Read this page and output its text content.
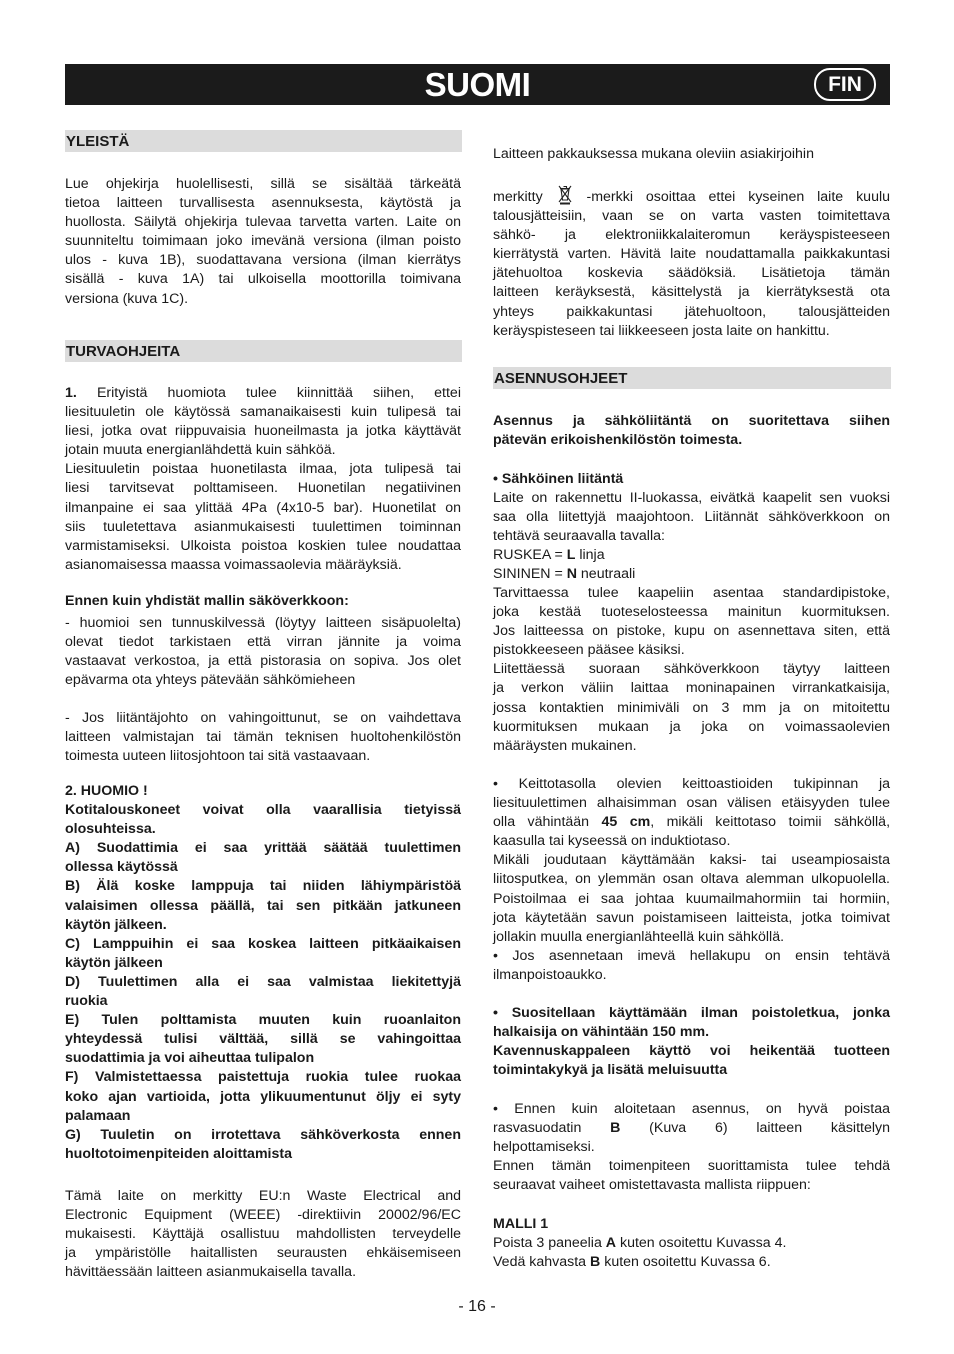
SUOMI	FIN
YLEISTÄ
Lue ohjekirja huolellisesti, sillä se sisältää tärkeätä
tietoa laitteen turvallisesta asennuksesta, käytöstä ja
huollosta. Säilytä ohjekirja tulevaa tarvetta varten. Laite on
suunniteltu toimimaan joko imevänä versiona (ilman poisto
ulos - kuva 1B), suodattavana versiona (ilman kierrätys
sisällä - kuva 1A) tai ulkoisella moottorilla toimivana
versiona (kuva 1C).
TURVAOHJEITA
1. Erityistä huomiota tulee kiinnittää siihen, ettei
liesituuletin ole käytössä samanaikaisesti kuin tulipesä tai
liesi, jotka ovat riippuvaisia huoneilmasta ja jotka käyttävät
jotain muuta energianlähdettä kuin sähköä.
Liesituuletin poistaa huonetilasta ilmaa, jota tulipesä tai
liesi tarvitsevat polttamiseen. Huonetilan negatiivinen
ilmanpaine ei saa ylittää 4Pa (4x10-5 bar). Huonetilat on
siis tuuletettava asianmukaisesti tuulettimen toiminnan
varmistamiseksi. Ulkoista poistoa koskien tulee noudattaa
asianomaisessa maassa voimassaolevia määräyksiä.
Ennen kuin yhdistät mallin säköverkkoon:
- huomioi sen tunnuskilvessä (löytyy laitteen sisäpuolelta)
olevat tiedot tarkistaen että virran jännite ja voima
vastaavat verkostoa, ja että pistorasia on sopiva. Jos olet
epävarma ota yhteys pätevään sähkömieheen
- Jos liitäntäjohto on vahingoittunut, se on vaihdettava
laitteen valmistajan tai tämän teknisen huoltohenkilöstön
toimesta uuteen liitosjohtoon tai sitä vastaavaan.
2. HUOMIO !
Kotitalouskoneet voivat olla vaarallisia tietyissä
olosuhteissa.
A) Suodattimia ei saa yrittää säätää tuulettimen
ollessa käytössä
B) Älä koske lamppuja tai niiden lähiympäristöä
valaisimen ollessa päällä, tai sen pitkään jatkuneen
käytön jälkeen.
C) Lamppuihin ei saa koskea laitteen pitkäaikaisen
käytön jälkeen
D) Tuulettimen alla ei saa valmistaa liekitettyjä
ruokia
E) Tulen polttamista muuten kuin ruoanlaiton
yhteydessä tulisi välttää, sillä se vahingoittaa
suodattimia ja voi aiheuttaa tulipalon
F) Valmistettaessa paistettuja ruokia tulee ruokaa
koko ajan vartioida, jotta ylikuumentunut öljy ei syty
palamaan
G) Tuuletin on irrotettava sähköverkosta ennen
huoltotoimenpiteiden aloittamista
Tämä laite on merkitty EU:n Waste Electrical and
Electronic Equipment (WEEE) -direktiivin 20002/96/EC
mukaisesti. Käyttäjä osallistuu mahdollisten terveydelle
ja ympäristölle haitallisten seurausten ehkäisemiseen
hävittäessään laitteen asianmukaisella tavalla.
Laitteen pakkauksessa mukana oleviin asiakirjoihin
merkitty	-merkki osoittaa ettei kyseinen laite kuulu
talousjätteisiin, vaan se on varta vasten toimitettava
sähkö- ja elektroniikkalaiteromun keräyspisteeseen
kierrätystä varten. Hävitä laite noudattamalla paikkakuntasi
jätehuoltoa koskevia säädöksiä. Lisätietoja tämän
laitteen keräyksestä, käsittelystä ja kierrätyksestä ota
yhteys paikkakuntasi jätehuoltoon, talousjätteiden
keräyspisteseen tai liikkeeseen josta laite on hankittu.
ASENNUSOHJEET
Asennus ja sähköliitäntä on suoritettava siihen
pätevän erikoishenkilöstön toimesta.
• Sähköinen liitäntä
Laite on rakennettu II-luokassa, eivätkä kaapelit sen vuoksi
saa olla liitettyjä maajohtoon. Liitännät sähköverkkoon on
tehtävä seuraavalla tavalla:
RUSKEA = L linja
SININEN = N neutraali
Tarvittaessa tulee kaapeliin asentaa standardipistoke,
joka kestää tuoteselosteessa mainitun kuormituksen.
Jos laitteessa on pistoke, kupu on asennettava siten, että
pistokkeeseen pääsee käsiksi.
Liitettäessä suoraan sähköverkkoon täytyy laitteen
ja verkon väliin laittaa moninapainen virrankatkaisija,
jossa kontaktien minimiväli on 3 mm ja on mitoitettu
kuormituksen mukaan ja joka on voimassaolevien
määräysten mukainen.
• Keittotasolla olevien keittoastioiden tukipinnan ja
liesituulettimen alhaisimman osan välisen etäisyyden tulee
olla vähintään 45 cm, mikäli keittotaso toimii sähköllä,
kaasulla tai kyseessä on induktiotaso.
Mikäli joudutaan käyttämään kaksi- tai useampiosaista
liitosputkea, on ylemmän osan oltava alemman ulkopuolella.
Poistoilmaa ei saa johtaa kuumailmahormiin tai hormiin,
jota käytetään savun poistamiseen laitteista, jotka toimivat
jollakin muulla energianlähteellä kuin sähköllä.
• Jos asennetaan imevä hellakupu on ensin tehtävä
ilmanpoistoaukko.
• Suositellaan käyttämään ilman poistoletkua, jonka
halkaisija on vähintään 150 mm.
Kavennuskappaleen käyttö voi heikentää tuotteen
toimintakykyä ja lisätä meluisuutta
• Ennen kuin aloitetaan asennus, on hyvä poistaa
rasvasuodatin B (Kuva 6) laitteen käsittelyn
helpottamiseksi.
Ennen tämän toimenpiteen suorittamista tulee tehdä
seuraavat vaiheet omistettavasta mallista riippuen:
MALLI 1
Poista 3 paneelia A kuten osoitettu Kuvassa 4.
Vedä kahvasta B kuten osoitettu Kuvassa 6.
- 16 -
